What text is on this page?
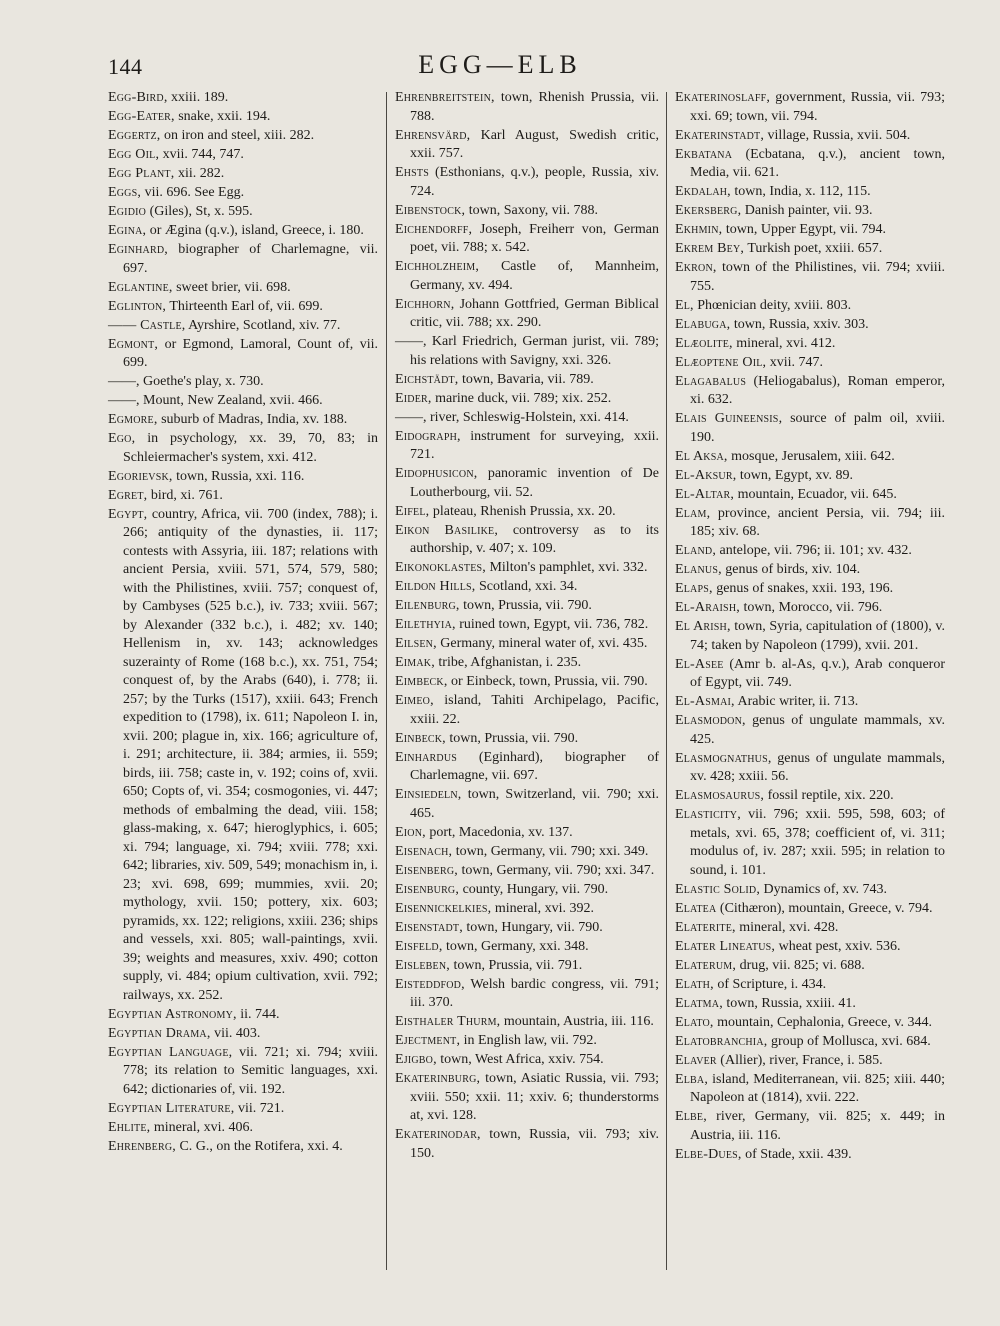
144	EGG—ELB

Egg-Bird, xxiii. 189.

Egg-Eater, snake, xxii. 194.

Eggertz, on iron and steel, xiii. 282.

Egg Oil, xvii. 744, 747.

Egg Plant, xii. 282.

Eggs, vii. 696. See Egg.

Egidio (Giles), St, x. 595.

Egina, or Ægina (q.v.), island, Greece, i. 180.

Eginhard, biographer of Charlemagne, vii. 697.

Eglantine, sweet brier, vii. 698.

Eglinton, Thirteenth Earl of, vii. 699.

—— Castle, Ayrshire, Scotland, xiv. 77.

Egmont, or Egmond, Lamoral, Count of, vii. 699.

——, Goethe's play, x. 730.

——, Mount, New Zealand, xvii. 466.

Egmore, suburb of Madras, India, xv. 188.

Ego, in psychology, xx. 39, 70, 83; in Schleiermacher's system, xxi. 412.

Egorievsk, town, Russia, xxi. 116.

Egret, bird, xi. 761.

Egypt, country, Africa, vii. 700 (index, 788); i. 266; antiquity of the dynasties, ii. 117; contests with Assyria, iii. 187; relations with ancient Persia, xviii. 571, 574, 579, 580; with the Philistines, xviii. 757; conquest of, by Cambyses (525 b.c.), iv. 733; xviii. 567; by Alexander (332 b.c.), i. 482; xv. 140; Hellenism in, xv. 143; acknowledges suzerainty of Rome (168 b.c.), xx. 751, 754; conquest of, by the Arabs (640), i. 778; ii. 257; by the Turks (1517), xxiii. 643; French expedition to (1798), ix. 611; Napoleon I. in, xvii. 200; plague in, xix. 166; agriculture of, i. 291; architecture, ii. 384; armies, ii. 559; birds, iii. 758; caste in, v. 192; coins of, xvii. 650; Copts of, vi. 354; cosmogonies, vi. 447; methods of embalming the dead, viii. 158; glass-making, x. 647; hieroglyphics, i. 605; xi. 794; language, xi. 794; xviii. 778; xxi. 642; libraries, xiv. 509, 549; monachism in, i. 23; xvi. 698, 699; mummies, xvii. 20; mythology, xvii. 150; pottery, xix. 603; pyramids, xx. 122; religions, xxiii. 236; ships and vessels, xxi. 805; wall-paintings, xvii. 39; weights and measures, xxiv. 490; cotton supply, vi. 484; opium cultivation, xvii. 792; railways, xx. 252.

Egyptian Astronomy, ii. 744.

Egyptian Drama, vii. 403.

Egyptian Language, vii. 721; xi. 794; xviii. 778; its relation to Semitic languages, xxi. 642; dictionaries of, vii. 192.

Egyptian Literature, vii. 721.

Ehlite, mineral, xvi. 406.

Ehrenberg, C. G., on the Rotifera, xxi. 4.

Ehrenbreitstein, town, Rhenish Prussia, vii. 788.

Ehrensvärd, Karl August, Swedish critic, xxii. 757.

Ehsts (Esthonians, q.v.), people, Russia, xiv. 724.

Eibenstock, town, Saxony, vii. 788.

Eichendorff, Joseph, Freiherr von, German poet, vii. 788; x. 542.

Eichholzheim, Castle of, Mannheim, Germany, xv. 494.

Eichhorn, Johann Gottfried, German Biblical critic, vii. 788; xx. 290.

——, Karl Friedrich, German jurist, vii. 789; his relations with Savigny, xxi. 326.

Eichstädt, town, Bavaria, vii. 789.

Eider, marine duck, vii. 789; xix. 252.

——, river, Schleswig-Holstein, xxi. 414.

Eidograph, instrument for surveying, xxii. 721.

Eidophusicon, panoramic invention of De Loutherbourg, vii. 52.

Eifel, plateau, Rhenish Prussia, xx. 20.

Eikon Basilike, controversy as to its authorship, v. 407; x. 109.

Eikonoklastes, Milton's pamphlet, xvi. 332.

Eildon Hills, Scotland, xxi. 34.

Eilenburg, town, Prussia, vii. 790.

Eilethyia, ruined town, Egypt, vii. 736, 782.

Eilsen, Germany, mineral water of, xvi. 435.

Eimak, tribe, Afghanistan, i. 235.

Eimbeck, or Einbeck, town, Prussia, vii. 790.

Eimeo, island, Tahiti Archipelago, Pacific, xxiii. 22.

Einbeck, town, Prussia, vii. 790.

Einhardus (Eginhard), biographer of Charlemagne, vii. 697.

Einsiedeln, town, Switzerland, vii. 790; xxi. 465.

Eion, port, Macedonia, xv. 137.

Eisenach, town, Germany, vii. 790; xxi. 349.

Eisenberg, town, Germany, vii. 790; xxi. 347.

Eisenburg, county, Hungary, vii. 790.

Eisennickelkies, mineral, xvi. 392.

Eisenstadt, town, Hungary, vii. 790.

Eisfeld, town, Germany, xxi. 348.

Eisleben, town, Prussia, vii. 791.

Eisteddfod, Welsh bardic congress, vii. 791; iii. 370.

Eisthaler Thurm, mountain, Austria, iii. 116.

Ejectment, in English law, vii. 792.

Ejigbo, town, West Africa, xxiv. 754.

Ekaterinburg, town, Asiatic Russia, vii. 793; xviii. 550; xxii. 11; xxiv. 6; thunderstorms at, xvi. 128.

Ekaterinodar, town, Russia, vii. 793; xiv. 150.

Ekaterinoslaff, government, Russia, vii. 793; xxi. 69; town, vii. 794.

Ekaterinstadt, village, Russia, xvii. 504.

Ekbatana (Ecbatana, q.v.), ancient town, Media, vii. 621.

Ekdalah, town, India, x. 112, 115.

Ekersberg, Danish painter, vii. 93.

Ekhmin, town, Upper Egypt, vii. 794.

Ekrem Bey, Turkish poet, xxiii. 657.

Ekron, town of the Philistines, vii. 794; xviii. 755.

El, Phœnician deity, xviii. 803.

Elabuga, town, Russia, xxiv. 303.

Elæolite, mineral, xvi. 412.

Elæoptene Oil, xvii. 747.

Elagabalus (Heliogabalus), Roman emperor, xi. 632.

Elais Guineensis, source of palm oil, xviii. 190.

El Aksa, mosque, Jerusalem, xiii. 642.

El-Aksur, town, Egypt, xv. 89.

El-Altar, mountain, Ecuador, vii. 645.

Elam, province, ancient Persia, vii. 794; iii. 185; xiv. 68.

Eland, antelope, vii. 796; ii. 101; xv. 432.

Elanus, genus of birds, xiv. 104.

Elaps, genus of snakes, xxii. 193, 196.

El-Araish, town, Morocco, vii. 796.

El Arish, town, Syria, capitulation of (1800), v. 74; taken by Napoleon (1799), xvii. 201.

El-Asee (Amr b. al-As, q.v.), Arab conqueror of Egypt, vii. 749.

El-Asmai, Arabic writer, ii. 713.

Elasmodon, genus of ungulate mammals, xv. 425.

Elasmognathus, genus of ungulate mammals, xv. 428; xxiii. 56.

Elasmosaurus, fossil reptile, xix. 220.

Elasticity, vii. 796; xxii. 595, 598, 603; of metals, xvi. 65, 378; coefficient of, vi. 311; modulus of, iv. 287; xxii. 595; in relation to sound, i. 101.

Elastic Solid, Dynamics of, xv. 743.

Elatea (Cithæron), mountain, Greece, v. 794.

Elaterite, mineral, xvi. 428.

Elater Lineatus, wheat pest, xxiv. 536.

Elaterum, drug, vii. 825; vi. 688.

Elath, of Scripture, i. 434.

Elatma, town, Russia, xxiii. 41.

Elato, mountain, Cephalonia, Greece, v. 344.

Elatobranchia, group of Mollusca, xvi. 684.

Elaver (Allier), river, France, i. 585.

Elba, island, Mediterranean, vii. 825; xiii. 440; Napoleon at (1814), xvii. 222.

Elbe, river, Germany, vii. 825; x. 449; in Austria, iii. 116.

Elbe-Dues, of Stade, xxii. 439.
